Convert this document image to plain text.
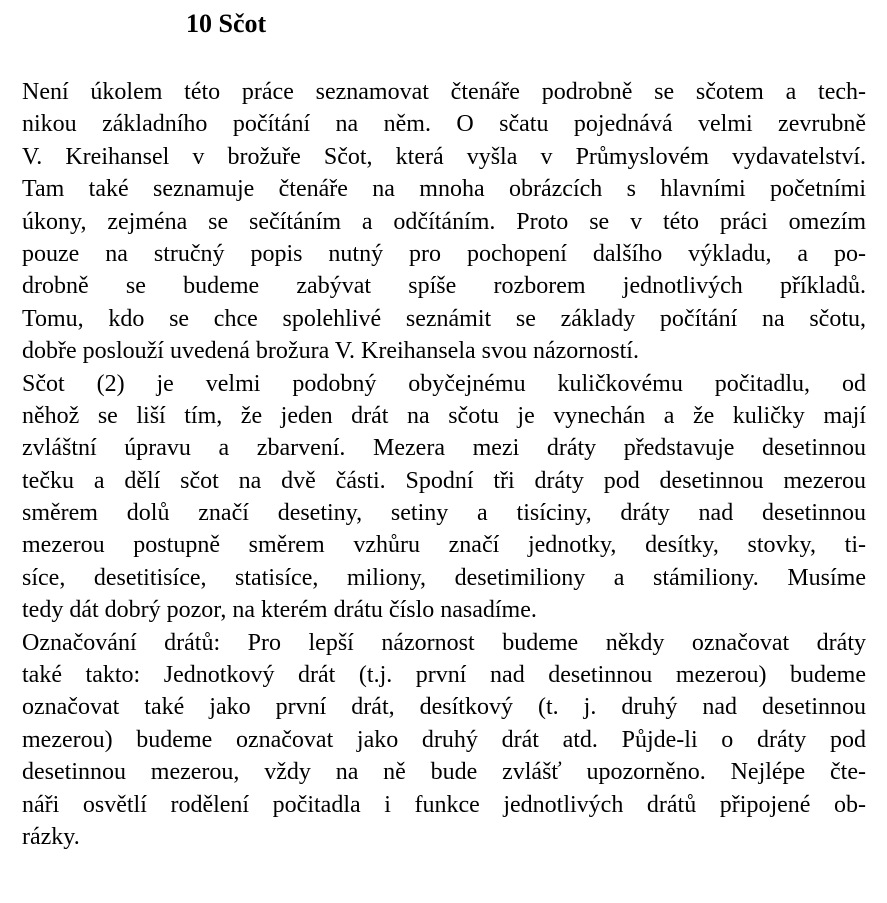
10 Sčot
Není úkolem této práce seznamovat čtenáře podrobně se sčotem a tech-
nikou základního počítání na něm. O sčatu pojednává velmi zevrubně
V. Kreihansel v brožuře Sčot, která vyšla v Průmyslovém vydavatelství.
Tam také seznamuje čtenáře na mnoha obrázcích s hlavními početními
úkony, zejména se sečítáním a odčítáním. Proto se v této práci omezím
pouze na stručný popis nutný pro pochopení dalšího výkladu, a po-
drobně se budeme zabývat spíše rozborem jednotlivých příkladů.
Tomu, kdo se chce spolehlivé seznámit se základy počítání na sčotu,
dobře poslouží uvedená brožura V. Kreihansela svou názorností.
Sčot (2) je velmi podobný obyčejnému kuličkovému počitadlu, od
něhož se liší tím, že jeden drát na sčotu je vynechán a že kuličky mají
zvláštní úpravu a zbarvení. Mezera mezi dráty představuje desetinnou
tečku a dělí sčot na dvě části. Spodní tři dráty pod desetinnou mezerou
směrem dolů značí desetiny, setiny a tisíciny, dráty nad desetinnou
mezerou postupně směrem vzhůru značí jednotky, desítky, stovky, ti-
síce, desetitisíce, statisíce, miliony, desetimiliony a stámiliony. Musíme
tedy dát dobrý pozor, na kterém drátu číslo nasadíme.
Označování drátů: Pro lepší názornost budeme někdy označovat dráty
také takto: Jednotkový drát (t.j. první nad desetinnou mezerou) budeme
označovat také jako první drát, desítkový (t. j. druhý nad desetinnou
mezerou) budeme označovat jako druhý drát atd. Půjde-li o dráty pod
desetinnou mezerou, vždy na ně bude zvlášť upozorněno. Nejlépe čte-
náři osvětlí rodělení počitadla i funkce jednotlivých drátů připojené ob-
rázky.
